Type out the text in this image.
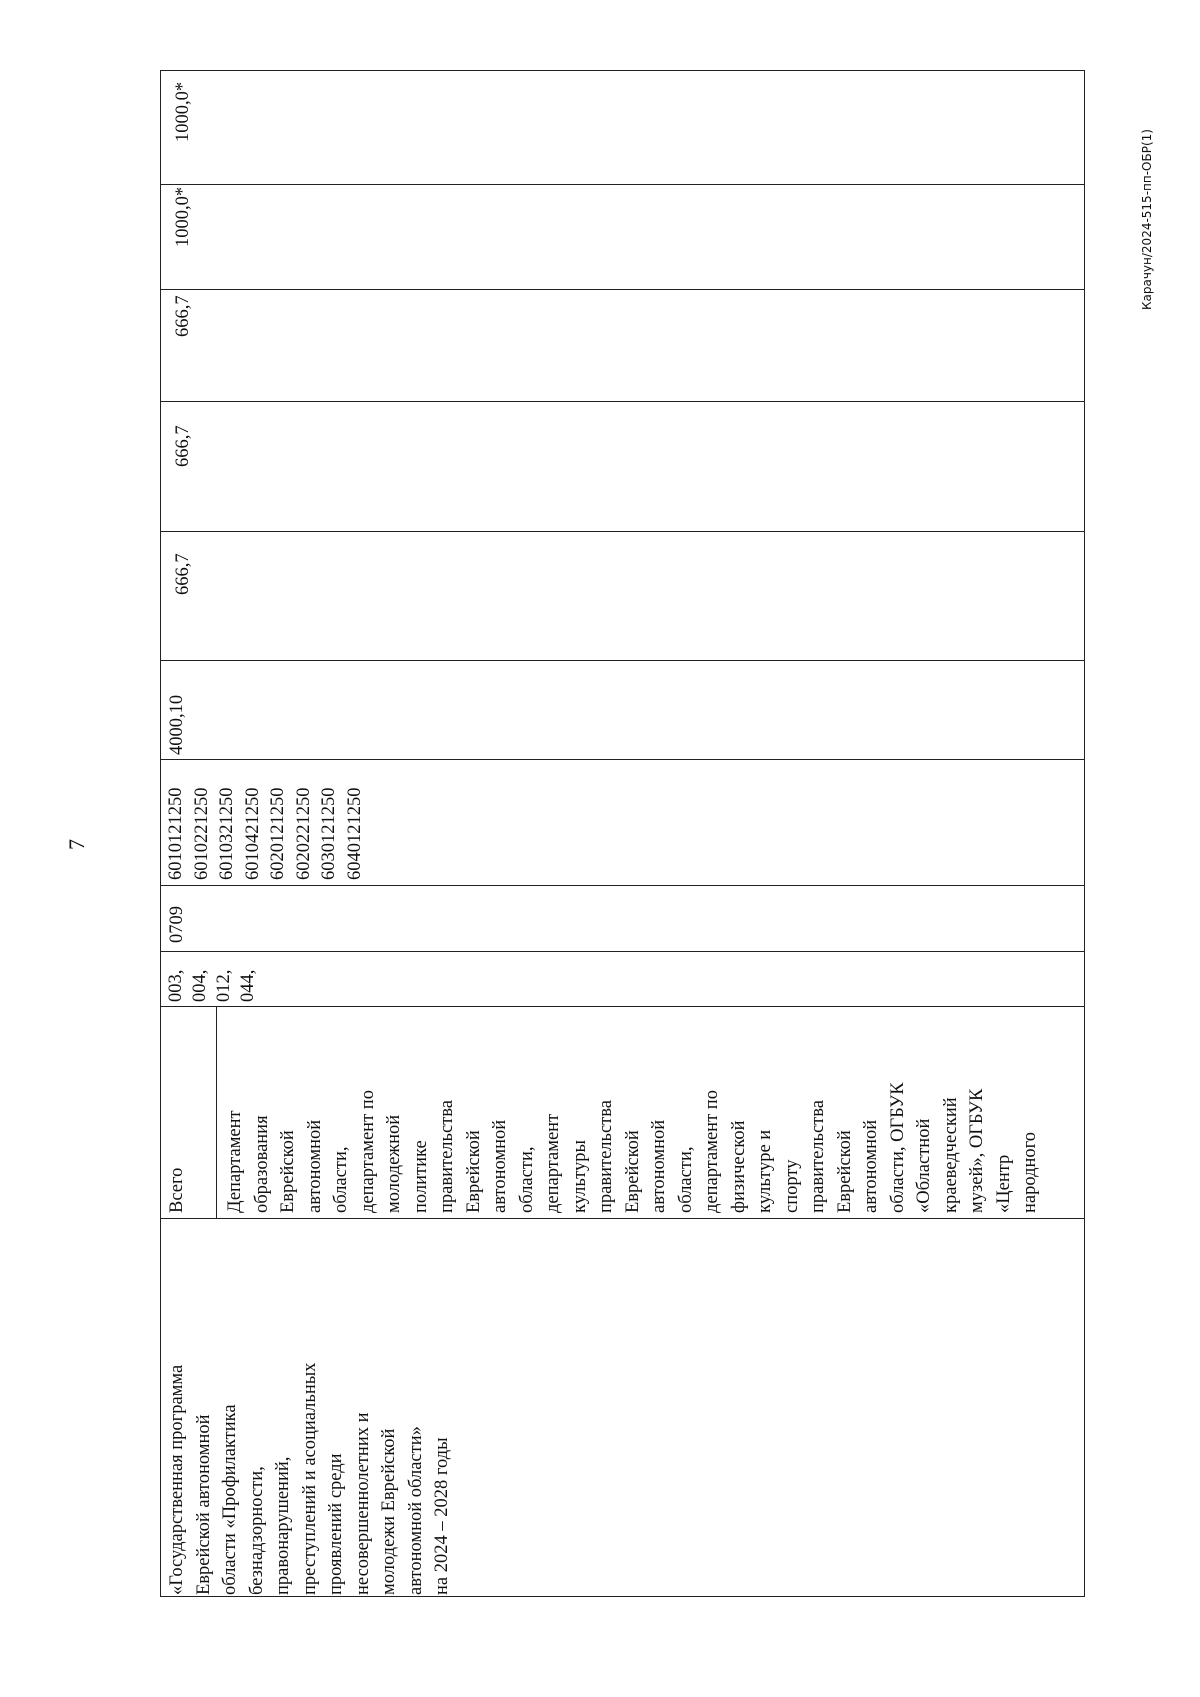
7
Карачун/2024-515-пп-ОБР(1)
«Государственная программа
Еврейской автономной
области «Профилактика
безнадзорности,
правонарушений,
преступлений и асоциальных
проявлений среди
несовершеннолетних и
молодежи Еврейской
автономной области»
на 2024 – 2028 годы
Всего Департамент
образования
Еврейской
автономной
области,
департамент по
молодежной
политике
правительства
Еврейской
автономной
области,
департамент
культуры
правительства
Еврейской
автономной
области,
департамент по
физической
культуре и
спорту
правительства
Еврейской
автономной
области, ОГБУК
«Областной
краеведческий
музей», ОГБУК
«Центр
народного
003,
004,
012,
044,
0709
6010121250
6010221250
6010321250
6010421250
6020121250
6020221250
6030121250
6040121250
4000,10
666,7
666,7
666,7
1000,0*
1000,0*
